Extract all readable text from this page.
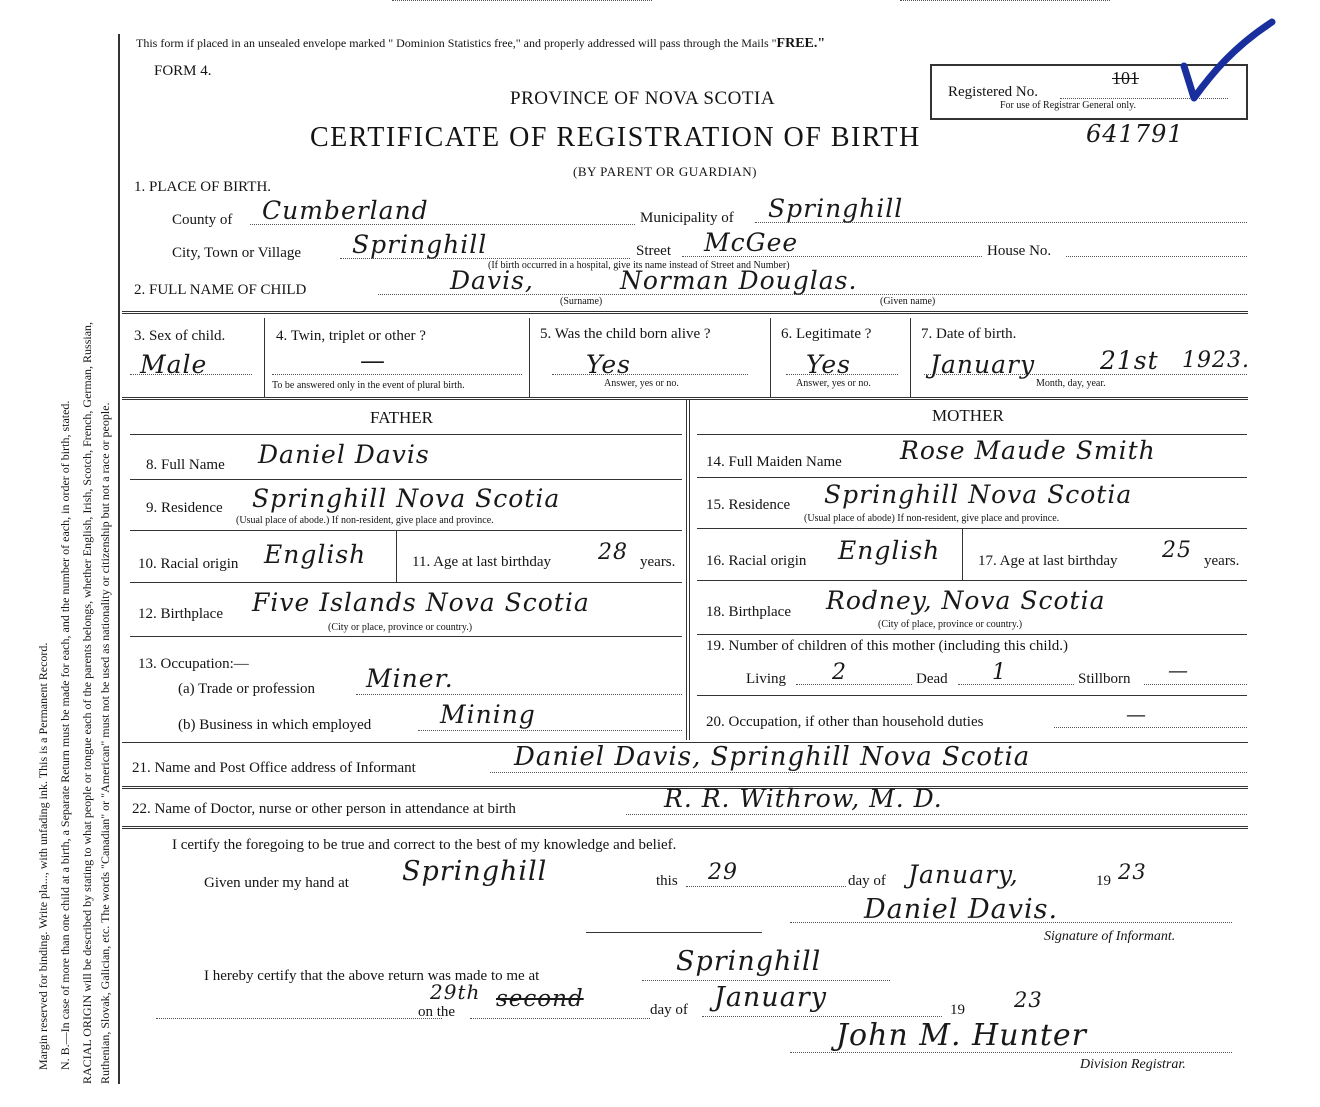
Margin reserved for binding. Write pla..., with unfading ink. This is a Permanent Record. N. B.—In case of more than one child at a birth, a Separate Return must be made for each, and the number of each, in order of birth, stated. RACIAL ORIGIN will be described by stating to what people or tongue each of the parents belongs, whether English, Irish, Scotch, French, German, Russian, Ruthenian, Slovak, Galician, etc. The words "Canadian" or "American" must not be used as nationality or citizenship but not a race or people.
This form if placed in an unsealed envelope marked " Dominion Statistics free," and properly addressed will pass through the Mails "FREE."
FORM 4.
PROVINCE OF NOVA SCOTIA
CERTIFICATE OF REGISTRATION OF BIRTH	641791
(BY PARENT OR GUARDIAN)
Registered No.
101
For use of Registrar General only.
1. PLACE OF BIRTH.
County of Cumberland	Municipality of Springhill
City, Town or Village Springhill	Street McGee	House No.
(If birth occurred in a hospital, give its name instead of Street and Number)
2. FULL NAME OF CHILD	Davis,	Norman Douglas.
(Surname)	(Given name)
3. Sex of child.
Male
4. Twin, triplet or other ?
—
To be answered only in the event of plural birth.
5. Was the child born alive ?
Yes
Answer, yes or no.
6. Legitimate ?
Yes
Answer, yes or no.
7. Date of birth.
January	21st 1923.
Month, day, year.
FATHER
8. Full Name Daniel Davis
9. Residence Springhill Nova Scotia
(Usual place of abode.) If non-resident, give place and province.
10. Racial origin English	11. Age at last birthday 28 years.
12. Birthplace Five Islands Nova Scotia
(City or place, province or country.)
13. Occupation:—
(a) Trade or profession Miner.
(b) Business in which employed	Mining
MOTHER
14. Full Maiden Name Rose Maude Smith
15. Residence Springhill Nova Scotia
(Usual place of abode) If non-resident, give place and province.
16. Racial origin English	17. Age at last birthday 25 years.
18. Birthplace Rodney, Nova Scotia
(City of place, province or country.)
19. Number of children of this mother (including this child.)
Living 2	Dead 1	Stillborn —
20. Occupation, if other than household duties	—
21. Name and Post Office address of Informant	Daniel Davis, Springhill Nova Scotia
22. Name of Doctor, nurse or other person in attendance at birth	R. R. Withrow, M. D.
I certify the foregoing to be true and correct to the best of my knowledge and belief.
Given under my hand at Springhill	this 29	day of January,	19 23
Daniel Davis.
Signature of Informant.
I hereby certify that the above return was made to me at	Springhill
on the
29th second	day of January	19 23
John M. Hunter
Division Registrar.
